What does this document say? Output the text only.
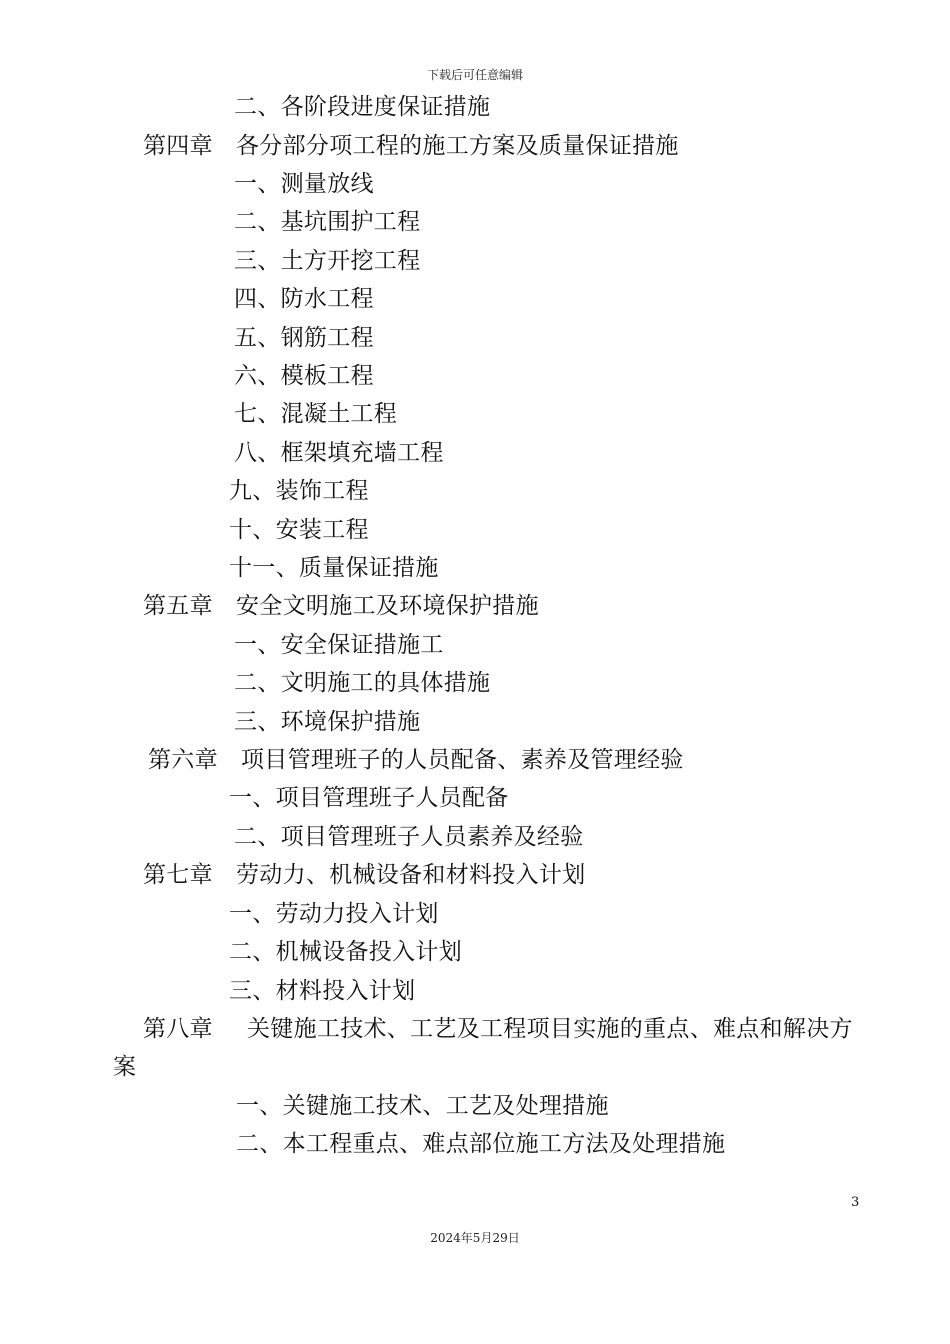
下载后可任意编辑
二、各阶段进度保证措施
第四章 各分部分项工程的施工方案及质量保证措施
一、测量放线
二、基坑围护工程
三、土方开挖工程
四、防水工程
五、钢筋工程
六、模板工程
七、混凝土工程
八、框架填充墙工程
九、装饰工程
十、安装工程
十一、质量保证措施
第五章 安全文明施工及环境保护措施
一、安全保证措施工
二、文明施工的具体措施
三、环境保护措施
第六章 项目管理班子的人员配备、素养及管理经验
一、项目管理班子人员配备
二、项目管理班子人员素养及经验
第七章 劳动力、机械设备和材料投入计划
一、劳动力投入计划
二、机械设备投入计划
三、材料投入计划
第八章 关键施工技术、工艺及工程项目实施的重点、难点和解决方
案
一、关键施工技术、工艺及处理措施
二、本工程重点、难点部位施工方法及处理措施
3
2024年5月29日
